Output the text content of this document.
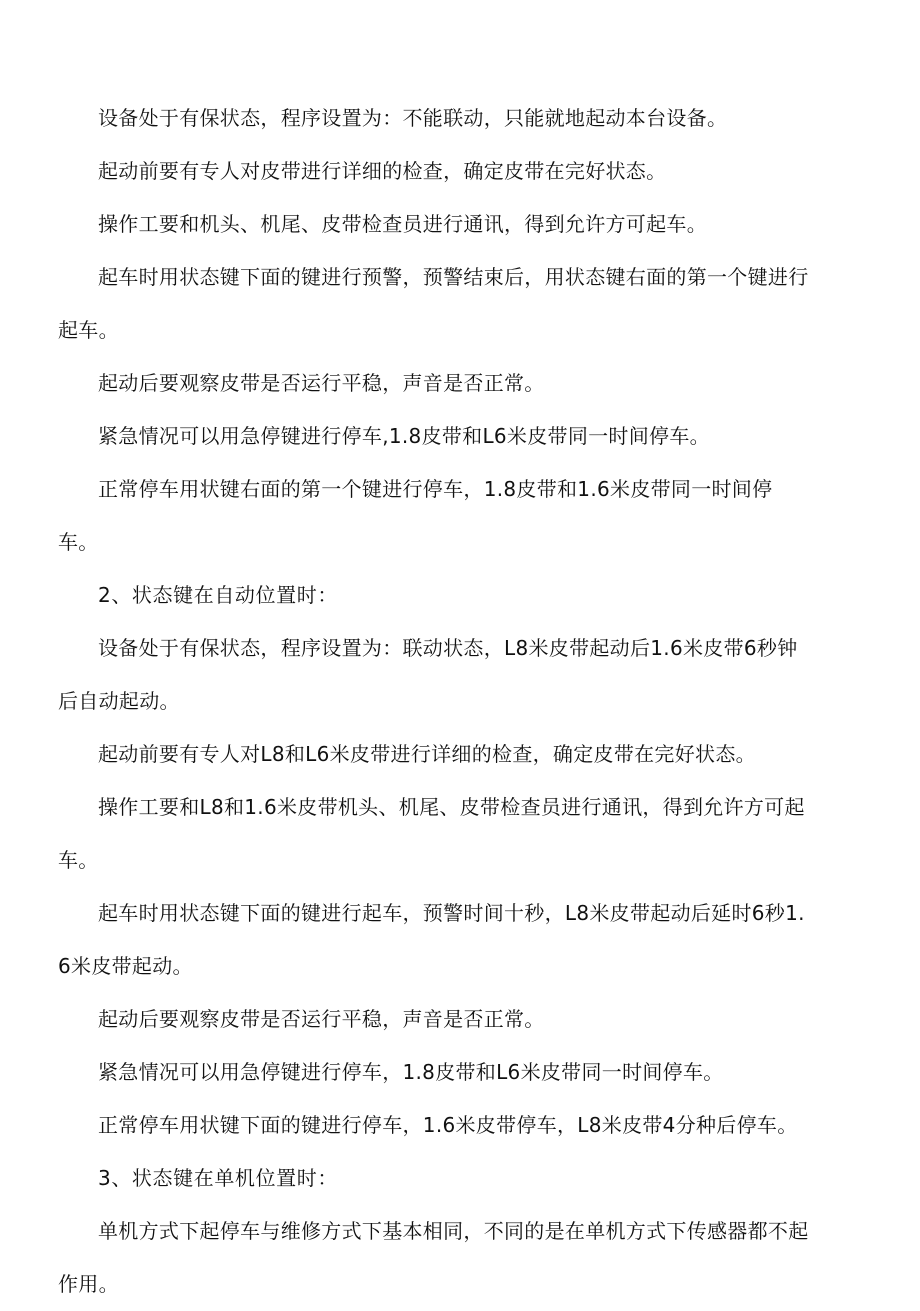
设备处于有保状态，程序设置为：不能联动，只能就地起动本台设备。

起动前要有专人对皮带进行详细的检查，确定皮带在完好状态。

操作工要和机头、机尾、皮带检查员进行通讯，得到允许方可起车。

起车时用状态键下面的键进行预警，预警结束后，用状态键右面的第一个键进行起车。

起动后要观察皮带是否运行平稳，声音是否正常。

紧急情况可以用急停键进行停车,1.8皮带和L6米皮带同一时间停车。

正常停车用状键右面的第一个键进行停车，1.8皮带和1.6米皮带同一时间停车。

2、状态键在自动位置时：

设备处于有保状态，程序设置为：联动状态，L8米皮带起动后1.6米皮带6秒钟后自动起动。

起动前要有专人对L8和L6米皮带进行详细的检查，确定皮带在完好状态。

操作工要和L8和1.6米皮带机头、机尾、皮带检查员进行通讯，得到允许方可起车。

起车时用状态键下面的键进行起车，预警时间十秒，L8米皮带起动后延时6秒1.6米皮带起动。

起动后要观察皮带是否运行平稳，声音是否正常。

紧急情况可以用急停键进行停车，1.8皮带和L6米皮带同一时间停车。

正常停车用状键下面的键进行停车，1.6米皮带停车，L8米皮带4分种后停车。

3、状态键在单机位置时：

单机方式下起停车与维修方式下基本相同，不同的是在单机方式下传感器都不起作用。
